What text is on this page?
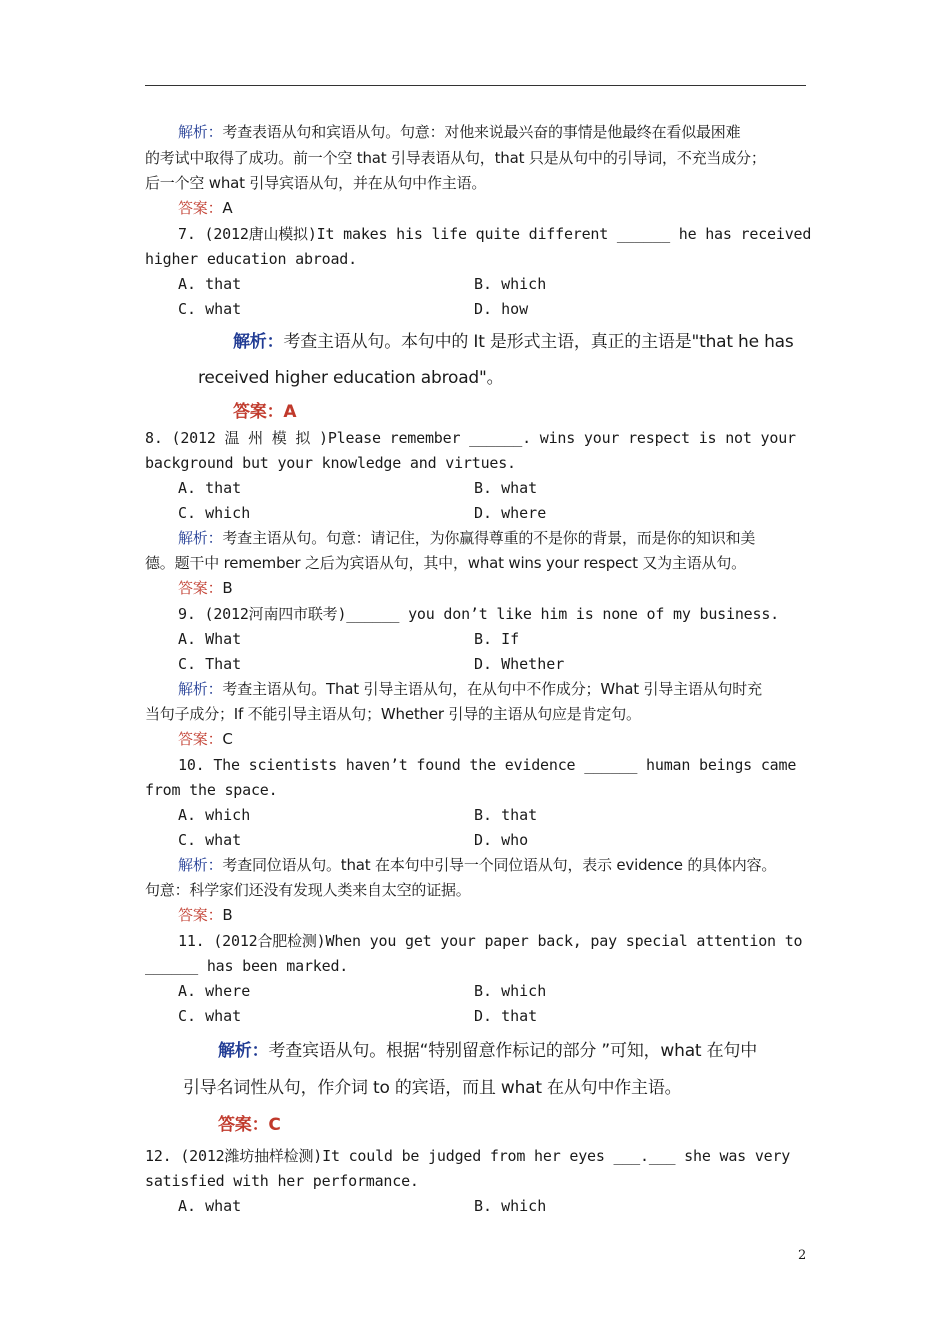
解析：考查表语从句和宾语从句。句意：对他来说最兴奋的事情是他最终在看似最困难
的考试中取得了成功。前一个空 that 引导表语从句，that 只是从句中的引导词，不充当成分；
后一个空 what 引导宾语从句，并在从句中作主语。
答案：A
7. (2012唐山模拟)It makes his life quite different ______ he has received
higher education abroad.
A. that	B. which
C. what	D. how
解析：考查主语从句。本句中的 It 是形式主语，真正的主语是"that he has
received higher education abroad"。
答案：A
8. (2012 温 州 模 拟 )Please remember ______. wins your respect is not your
background but your knowledge and virtues.
A. that	B. what
C. which	D. where
解析：考查主语从句。句意：请记住，为你赢得尊重的不是你的背景，而是你的知识和美
德。题干中 remember 之后为宾语从句，其中，what wins your respect 又为主语从句。
答案：B
9. (2012河南四市联考)______ you don’t like him is none of my business.
A. What	B. If
C. That	D. Whether
解析：考查主语从句。That 引导主语从句，在从句中不作成分；What 引导主语从句时充
当句子成分；If 不能引导主语从句；Whether 引导的主语从句应是肯定句。
答案：C
10. The scientists haven’t found the evidence ______ human beings came
from the space.
A. which	B. that
C. what	D. who
解析：考查同位语从句。that 在本句中引导一个同位语从句，表示 evidence 的具体内容。
句意：科学家们还没有发现人类来自太空的证据。
答案：B
11. (2012合肥检测)When you get your paper back, pay special attention to
______ has been marked.
A. where	B. which
C. what	D. that
解析：考查宾语从句。根据“特别留意作标记的部分 ”可知，what 在句中
引导名词性从句，作介词 to 的宾语，而且 what 在从句中作主语。
答案：C
12. (2012潍坊抽样检测)It could be judged from her eyes ___.___ she was very
satisfied with her performance.
A. what	B. which
2
